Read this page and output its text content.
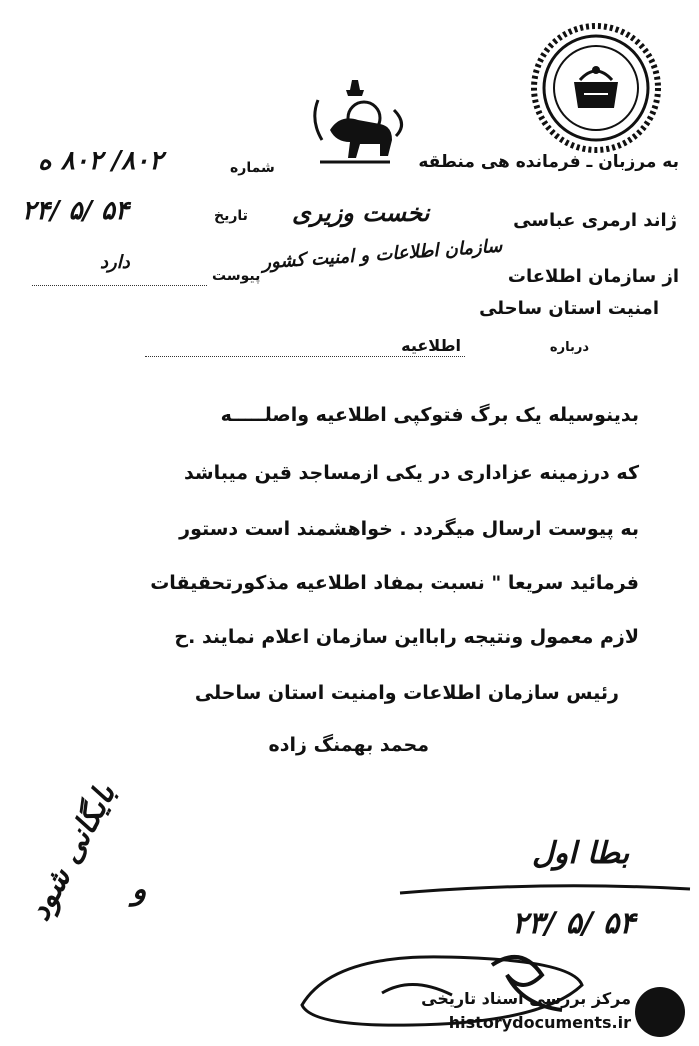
به مرزبان ـ فرمانده هی منطقه
ژاند ارمری عباسی
از سازمان اطلاعات
امنیت استان ساحلی
نخست وزیری
سازمان اطلاعات و امنیت کشور
درباره
اطلاعیه
شماره
۸۰۲/ ۸۰۲ ه
تاریخ
۲۴/ ۵/ ۵۴
پیوست
دارد
بدینوسیله یک برگ فتوکپی اطلاعیه واصلـــــه
که درزمینه عزاداری در یکی ازمساجد قین میباشد
به پیوست ارسال میگردد . خواهشمند است دستور
فرمائید سریعا " نسبت بمفاد اطلاعیه مذکورتحقیقات
لازم معمول ونتیجه رابااین سازمان اعلام نمایند .ح
رئیس سازمان اطلاعات وامنیت استان ساحلی
محمد بهمنگ زاده
بطا اول
۲۳/ ۵/ ۵۴
بایگانی شود و
مرکز بررسی اسناد تاریخی
historydocuments.ir
